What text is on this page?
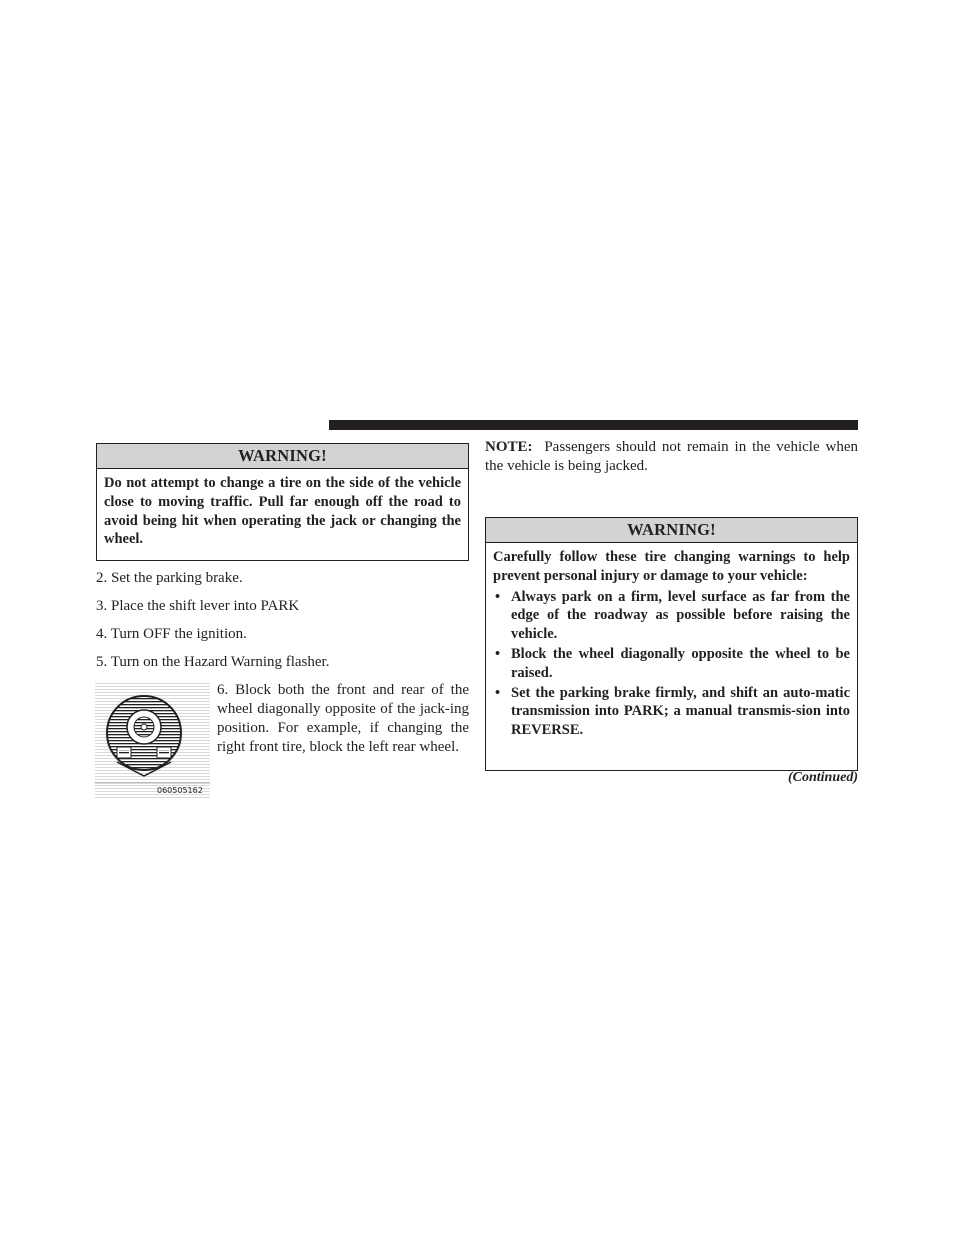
WARNING!
Do not attempt to change a tire on the side of the vehicle close to moving traffic. Pull far enough off the road to avoid being hit when operating the jack or changing the wheel.
2. Set the parking brake.
3. Place the shift lever into PARK
4. Turn OFF the ignition.
5. Turn on the Hazard Warning flasher.
060505162
6. Block both the front and rear of the wheel diagonally opposite of the jack-ing position. For example, if changing the right front tire, block the left rear wheel.
NOTE: Passengers should not remain in the vehicle when the vehicle is being jacked.
WARNING!
Carefully follow these tire changing warnings to help prevent personal injury or damage to your vehicle:
• Always park on a firm, level surface as far from the edge of the roadway as possible before raising the vehicle.
• Block the wheel diagonally opposite the wheel to be raised.
• Set the parking brake firmly, and shift an auto-matic transmission into PARK; a manual transmis-sion into REVERSE.
(Continued)
